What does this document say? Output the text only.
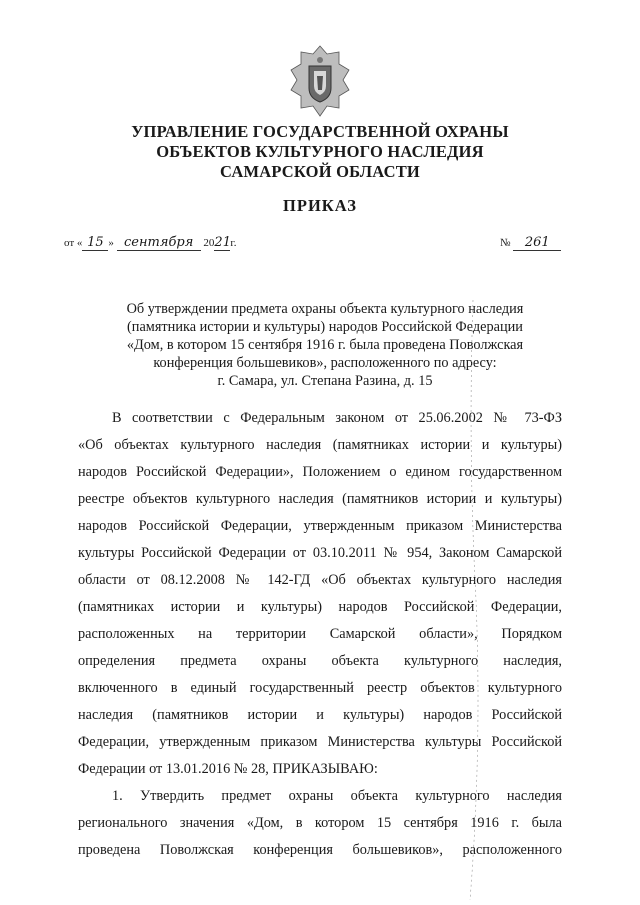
УПРАВЛЕНИЕ ГОСУДАРСТВЕННОЙ ОХРАНЫ
ОБЪЕКТОВ КУЛЬТУРНОГО НАСЛЕДИЯ
САМАРСКОЙ ОБЛАСТИ
ПРИКАЗ
от « 15 » сентября 2021г.	№ 261
Об утверждении предмета охраны объекта культурного наследия
(памятника истории и культуры) народов Российской Федерации
«Дом, в котором 15 сентября 1916 г. была проведена Поволжская
конференция большевиков», расположенного по адресу:
г. Самара, ул. Степана Разина, д. 15
В соответствии с Федеральным законом от 25.06.2002 № 73-ФЗ
«Об объектах культурного наследия (памятниках истории и культуры)
народов Российской Федерации», Положением о едином государственном
реестре объектов культурного наследия (памятников истории и культуры)
народов Российской Федерации, утвержденным приказом Министерства
культуры Российской Федерации от 03.10.2011 № 954, Законом Самарской
области от 08.12.2008 № 142-ГД «Об объектах культурного наследия
(памятниках истории и культуры) народов Российской Федерации,
расположенных на территории Самарской области», Порядком
определения предмета охраны объекта культурного наследия,
включенного в единый государственный реестр объектов культурного
наследия (памятников истории и культуры) народов Российской
Федерации, утвержденным приказом Министерства культуры Российской
Федерации от 13.01.2016 № 28, ПРИКАЗЫВАЮ:
1. Утвердить предмет охраны объекта культурного наследия
регионального значения «Дом, в котором 15 сентября 1916 г. была
проведена Поволжская конференция большевиков», расположенного
